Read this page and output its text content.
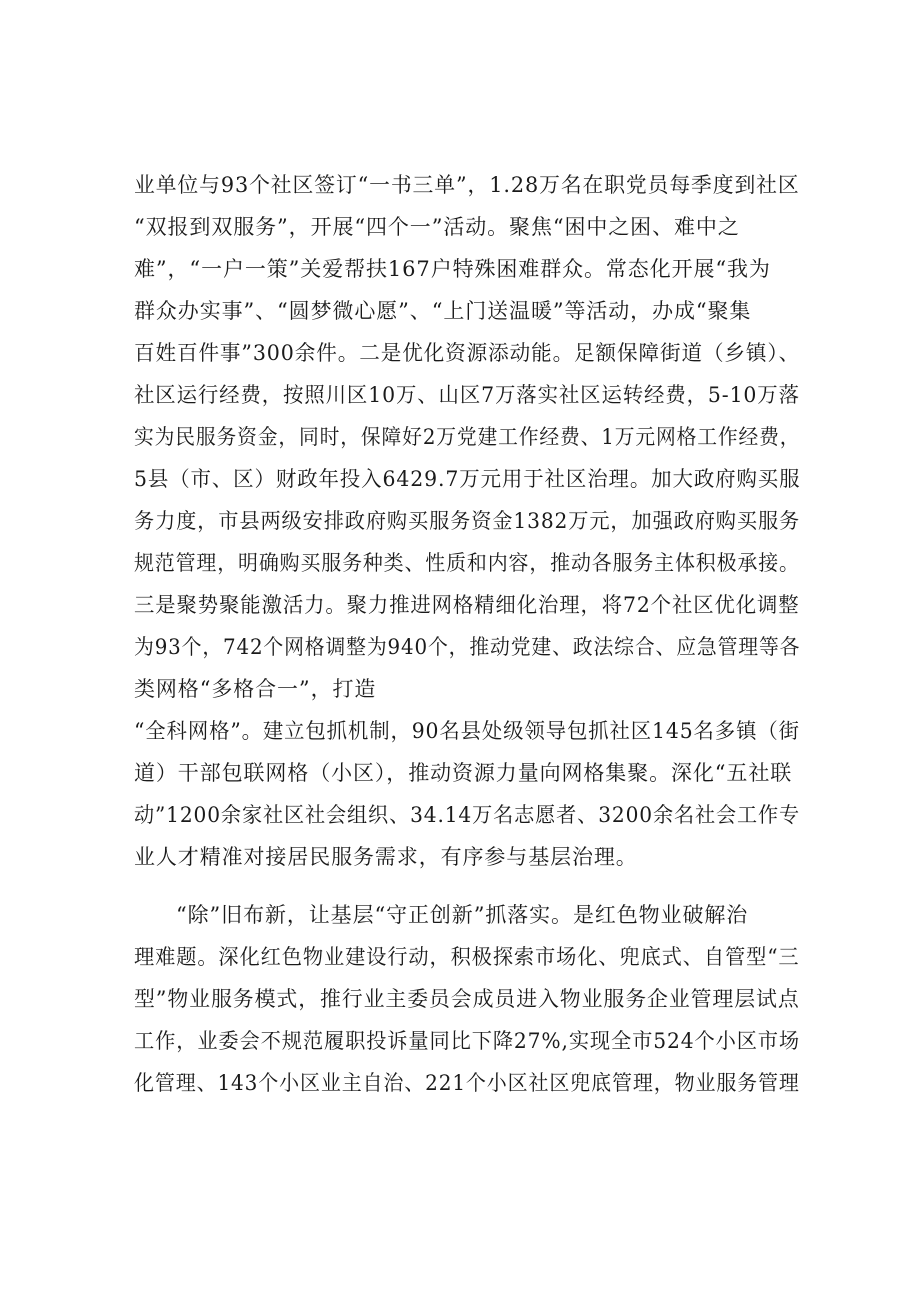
业单位与93个社区签订“一书三单”，1.28万名在职党员每季度到社区
“双报到双服务”，开展“四个一”活动。聚焦“困中之困、难中之
难”，“一户一策”关爱帮扶167户特殊困难群众。常态化开展“我为
群众办实事”、“圆梦微心愿”、“上门送温暖”等活动，办成“聚集
百姓百件事”300余件。二是优化资源添动能。足额保障街道（乡镇）、
社区运行经费，按照川区10万、山区7万落实社区运转经费，5-10万落
实为民服务资金，同时，保障好2万党建工作经费、1万元网格工作经费，
5县（市、区）财政年投入6429.7万元用于社区治理。加大政府购买服
务力度，市县两级安排政府购买服务资金1382万元，加强政府购买服务
规范管理，明确购买服务种类、性质和内容，推动各服务主体积极承接。
三是聚势聚能激活力。聚力推进网格精细化治理，将72个社区优化调整
为93个，742个网格调整为940个，推动党建、政法综合、应急管理等各
类网格“多格合一”，打造
“全科网格”。建立包抓机制，90名县处级领导包抓社区145名多镇（街
道）干部包联网格（小区），推动资源力量向网格集聚。深化“五社联
动”1200余家社区社会组织、34.14万名志愿者、3200余名社会工作专
业人才精准对接居民服务需求，有序参与基层治理。
“除”旧布新，让基层“守正创新”抓落实。是红色物业破解治
理难题。深化红色物业建设行动，积极探索市场化、兜底式、自管型“三
型”物业服务模式，推行业主委员会成员进入物业服务企业管理层试点
工作，业委会不规范履职投诉量同比下降27%,实现全市524个小区市场
化管理、143个小区业主自治、221个小区社区兜底管理，物业服务管理
